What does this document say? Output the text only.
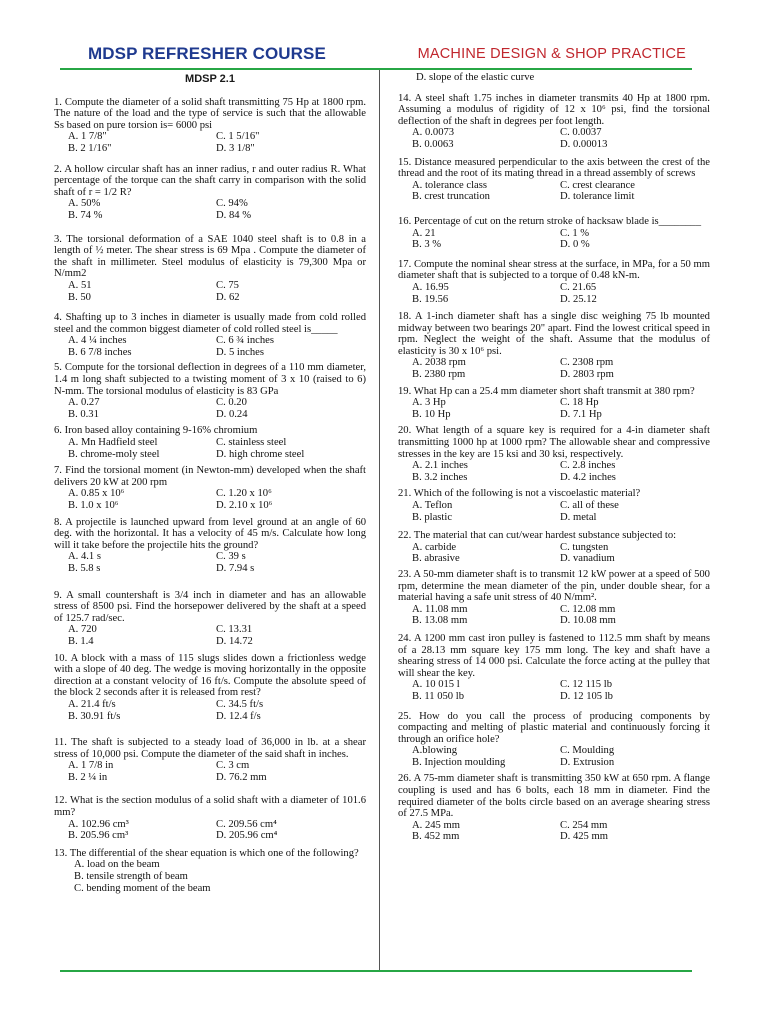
MDSP REFRESHER COURSE	MACHINE DESIGN & SHOP PRACTICE
MDSP 2.1
1. Compute the diameter of a solid shaft transmitting 75 Hp at 1800 rpm. The nature of the load and the type of service is such that the allowable Ss based on pure torsion is= 6000 psi
A. 1 7/8"	C. 1 5/16"
B. 2 1/16"	D. 3 1/8"
2. A hollow circular shaft has an inner radius, r and outer radius R. What percentage of the torque can the shaft carry in comparison with the solid shaft of r = 1/2 R?
A. 50%	C. 94%
B. 74 %	D. 84 %
3. The torsional deformation of a SAE 1040 steel shaft is to 0.8 in a length of ½ meter. The shear stress is 69 Mpa . Compute the diameter of the shaft in millimeter. Steel modulus of elasticity is 79,300 Mpa or N/mm2
A. 51	C. 75
B. 50	D. 62
4. Shafting up to 3 inches in diameter is usually made from cold rolled steel and the common biggest diameter of cold rolled steel is_____
A. 4 ¼ inches	C. 6 ¾ inches
B. 6 7/8 inches	D. 5 inches
5. Compute for the torsional deflection in degrees of a 110 mm diameter, 1.4 m long shaft subjected to a twisting moment of 3 x 10 (raised to 6) N-mm. The torsional modulus of elasticity is 83 GPa
A. 0.27	C. 0.20
B. 0.31	D. 0.24
6. Iron based alloy containing 9-16% chromium
A. Mn Hadfield steel	C. stainless steel
B. chrome-moly steel	D. high chrome steel
7. Find the torsional moment (in Newton-mm) developed when the shaft delivers 20 kW at 200 rpm
A. 0.85 x 10⁶	C. 1.20 x 10⁶
B. 1.0 x 10⁶	D. 2.10 x 10⁶
8. A projectile is launched upward from level ground at an angle of 60 deg. with the horizontal. It has a velocity of 45 m/s. Calculate how long will it take before the projectile hits the ground?
A. 4.1 s	C. 39 s
B. 5.8 s	D. 7.94 s
9. A small countershaft is 3/4 inch in diameter and has an allowable stress of 8500 psi. Find the horsepower delivered by the shaft at a speed of 125.7 rad/sec.
A. 720	C. 13.31
B. 1.4	D. 14.72
10. A block with a mass of 115 slugs slides down a frictionless wedge with a slope of 40 deg. The wedge is moving horizontally in the opposite direction at a constant velocity of 16 ft/s. Compute the absolute speed of the block 2 seconds after it is released from rest?
A. 21.4 ft/s	C. 34.5 ft/s
B. 30.91 ft/s	D. 12.4 f/s
11. The shaft is subjected to a steady load of 36,000 in lb. at a shear stress of 10,000 psi. Compute the diameter of the said shaft in inches.
A. 1 7/8 in	C. 3 cm
B. 2 ¼ in	D. 76.2 mm
12. What is the section modulus of a solid shaft with a diameter of 101.6 mm?
A. 102.96 cm³	C. 209.56 cm⁴
B. 205.96 cm³	D. 205.96 cm⁴
13. The differential of the shear equation is which one of the following?
A. load on the beam
B. tensile strength of beam
C. bending moment of the beam
D. slope of the elastic curve
14. A steel shaft 1.75 inches in diameter transmits 40 Hp at 1800 rpm. Assuming a modulus of rigidity of 12 x 10⁶ psi, find the torsional deflection of the shaft in degrees per foot length.
A. 0.0073	C. 0.0037
B. 0.0063	D. 0.00013
15. Distance measured perpendicular to the axis between the crest of the thread and the root of its mating thread in a thread assembly of screws
A. tolerance class	C. crest clearance
B. crest truncation	D. tolerance limit
16. Percentage of cut on the return stroke of hacksaw blade is________
A. 21	C. 1 %
B. 3 %	D. 0 %
17. Compute the nominal shear stress at the surface, in MPa, for a 50 mm diameter shaft that is subjected to a torque of 0.48 kN-m.
A. 16.95	C. 21.65
B. 19.56	D. 25.12
18. A 1-inch diameter shaft has a single disc weighing 75 lb mounted midway between two bearings 20" apart. Find the lowest critical speed in rpm. Neglect the weight of the shaft. Assume that the modulus of elasticity is 30 x 10⁶ psi.
A. 2038 rpm	C. 2308 rpm
B. 2380 rpm	D. 2803 rpm
19. What Hp can a 25.4 mm diameter short shaft transmit at 380 rpm?
A. 3 Hp	C. 18 Hp
B. 10 Hp	D. 7.1 Hp
20. What length of a square key is required for a 4-in diameter shaft transmitting 1000 hp at 1000 rpm? The allowable shear and compressive stresses in the key are 15 ksi and 30 ksi, respectively.
A. 2.1 inches	C. 2.8 inches
B. 3.2 inches	D. 4.2 inches
21. Which of the following is not a viscoelastic material?
A. Teflon	C. all of these
B. plastic	D. metal
22. The material that can cut/wear hardest substance subjected to:
A. carbide	C. tungsten
B. abrasive	D. vanadium
23. A 50-mm diameter shaft is to transmit 12 kW power at a speed of 500 rpm, determine the mean diameter of the pin, under double shear, for a material having a safe unit stress of 40 N/mm².
A. 11.08 mm	C. 12.08 mm
B. 13.08 mm	D. 10.08 mm
24. A 1200 mm cast iron pulley is fastened to 112.5 mm shaft by means of a 28.13 mm square key 175 mm long. The key and shaft have a shearing stress of 14 000 psi. Calculate the force acting at the pulley that will shear the key.
A. 10 015 l	C. 12 115 lb
B. 11 050 lb	D. 12 105 lb
25. How do you call the process of producing components by compacting and melting of plastic material and continuously forcing it through an orifice hole?
A.blowing	C. Moulding
B. Injection moulding	D. Extrusion
26. A 75-mm diameter shaft is transmitting 350 kW at 650 rpm. A flange coupling is used and has 6 bolts, each 18 mm in diameter. Find the required diameter of the bolts circle based on an average shearing stress of 27.5 MPa.
A. 245 mm	C. 254 mm
B. 452 mm	D. 425 mm
